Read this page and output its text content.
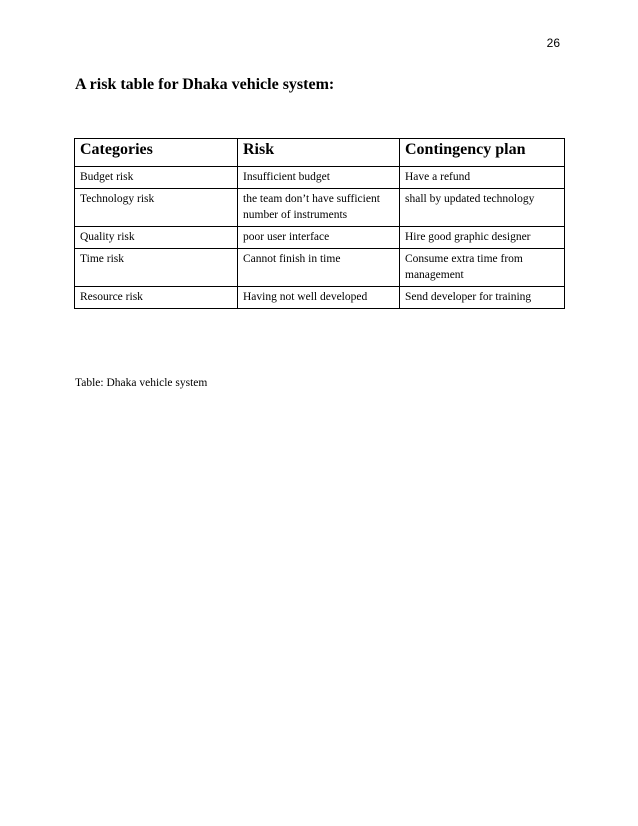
26
A risk table for Dhaka vehicle system:
Categories	Risk	Contingency plan
Budget risk	Insufficient budget	Have a refund
Technology risk	the team don’t have sufficient number of instruments	shall by updated technology
Quality risk	poor user interface	Hire good graphic designer
Time risk	Cannot finish in time	Consume extra time from management
Resource risk	Having not well developed	Send developer for training
Table: Dhaka vehicle system
